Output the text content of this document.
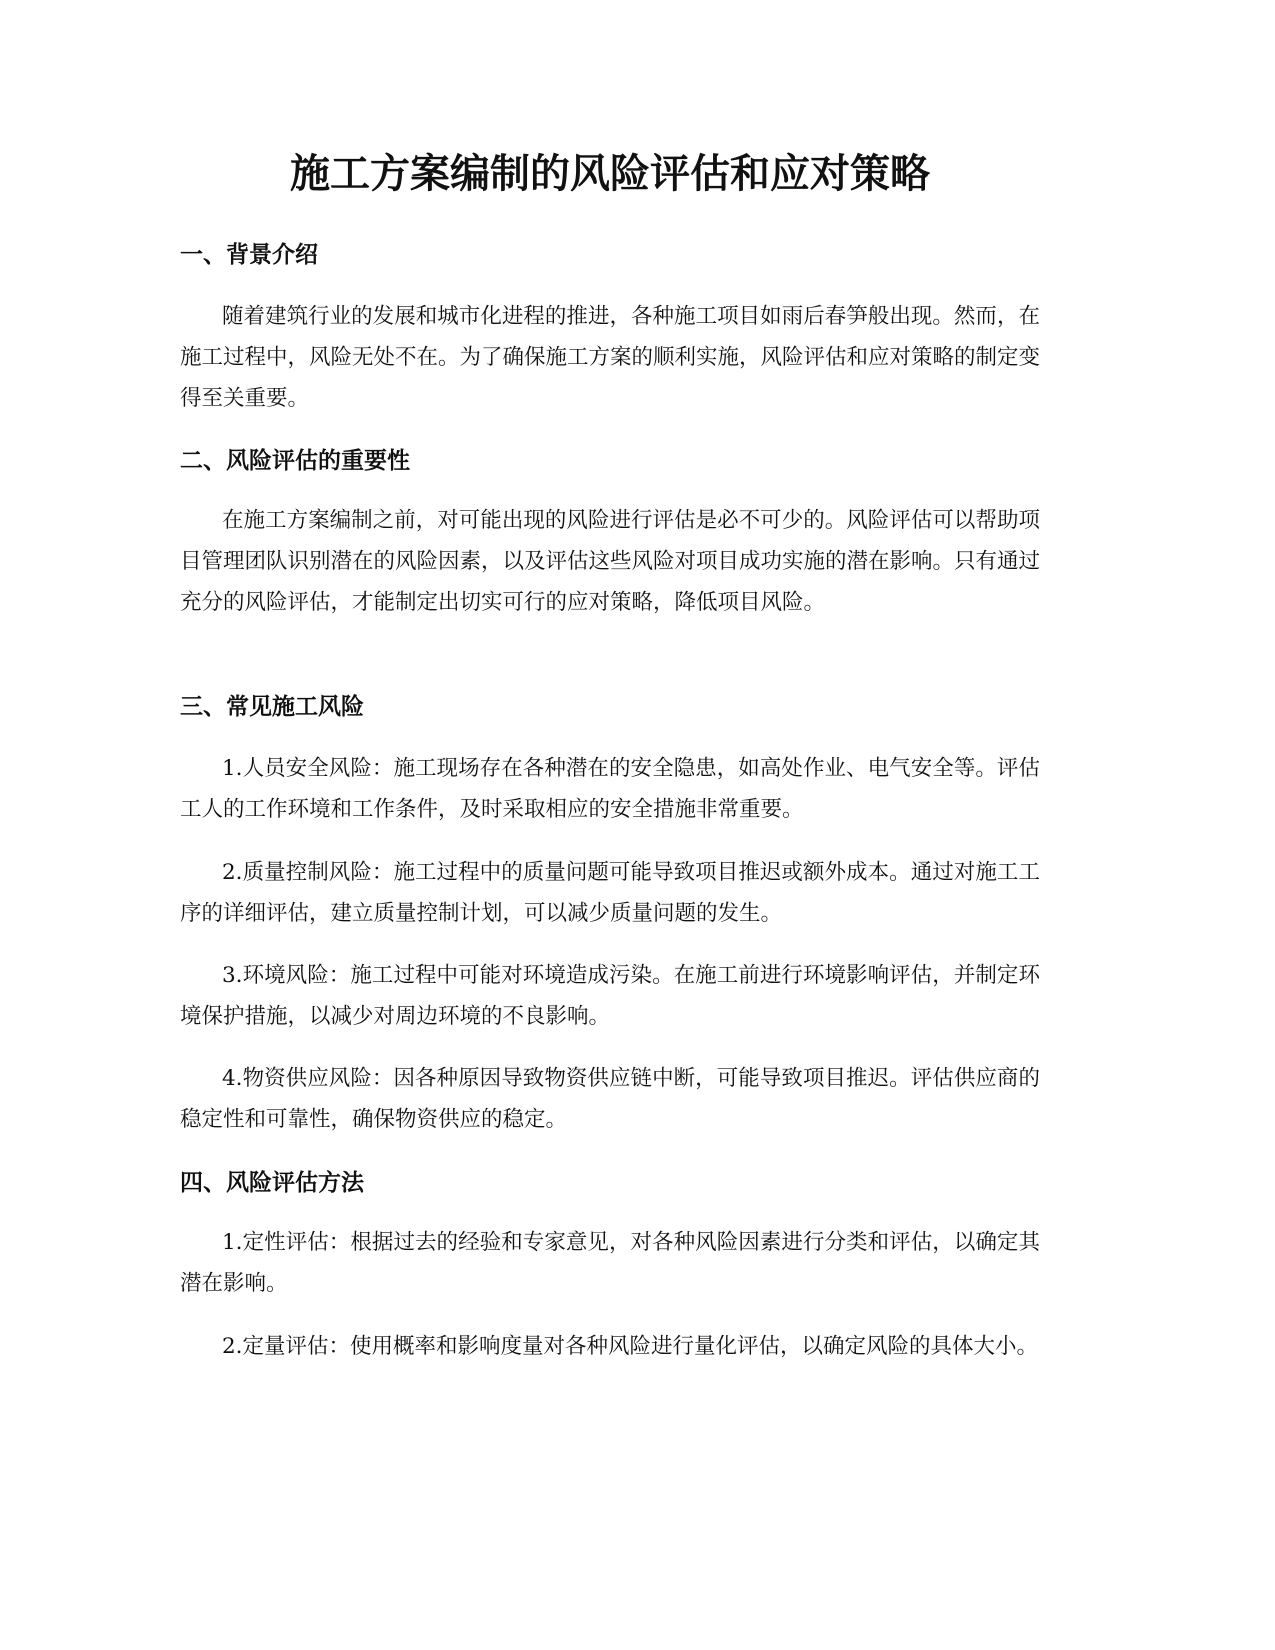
施工方案编制的风险评估和应对策略
一、背景介绍

随着建筑行业的发展和城市化进程的推进，各种施工项目如雨后春笋般出现。然而，在施工过程中，风险无处不在。为了确保施工方案的顺利实施，风险评估和应对策略的制定变得至关重要。

二、风险评估的重要性

在施工方案编制之前，对可能出现的风险进行评估是必不可少的。风险评估可以帮助项目管理团队识别潜在的风险因素，以及评估这些风险对项目成功实施的潜在影响。只有通过充分的风险评估，才能制定出切实可行的应对策略，降低项目风险。

三、常见施工风险

1.人员安全风险：施工现场存在各种潜在的安全隐患，如高处作业、电气安全等。评估工人的工作环境和工作条件，及时采取相应的安全措施非常重要。

2.质量控制风险：施工过程中的质量问题可能导致项目推迟或额外成本。通过对施工工序的详细评估，建立质量控制计划，可以减少质量问题的发生。

3.环境风险：施工过程中可能对环境造成污染。在施工前进行环境影响评估，并制定环境保护措施，以减少对周边环境的不良影响。

4.物资供应风险：因各种原因导致物资供应链中断，可能导致项目推迟。评估供应商的稳定性和可靠性，确保物资供应的稳定。

四、风险评估方法

1.定性评估：根据过去的经验和专家意见，对各种风险因素进行分类和评估，以确定其潜在影响。

2.定量评估：使用概率和影响度量对各种风险进行量化评估，以确定风险的具体大小。
